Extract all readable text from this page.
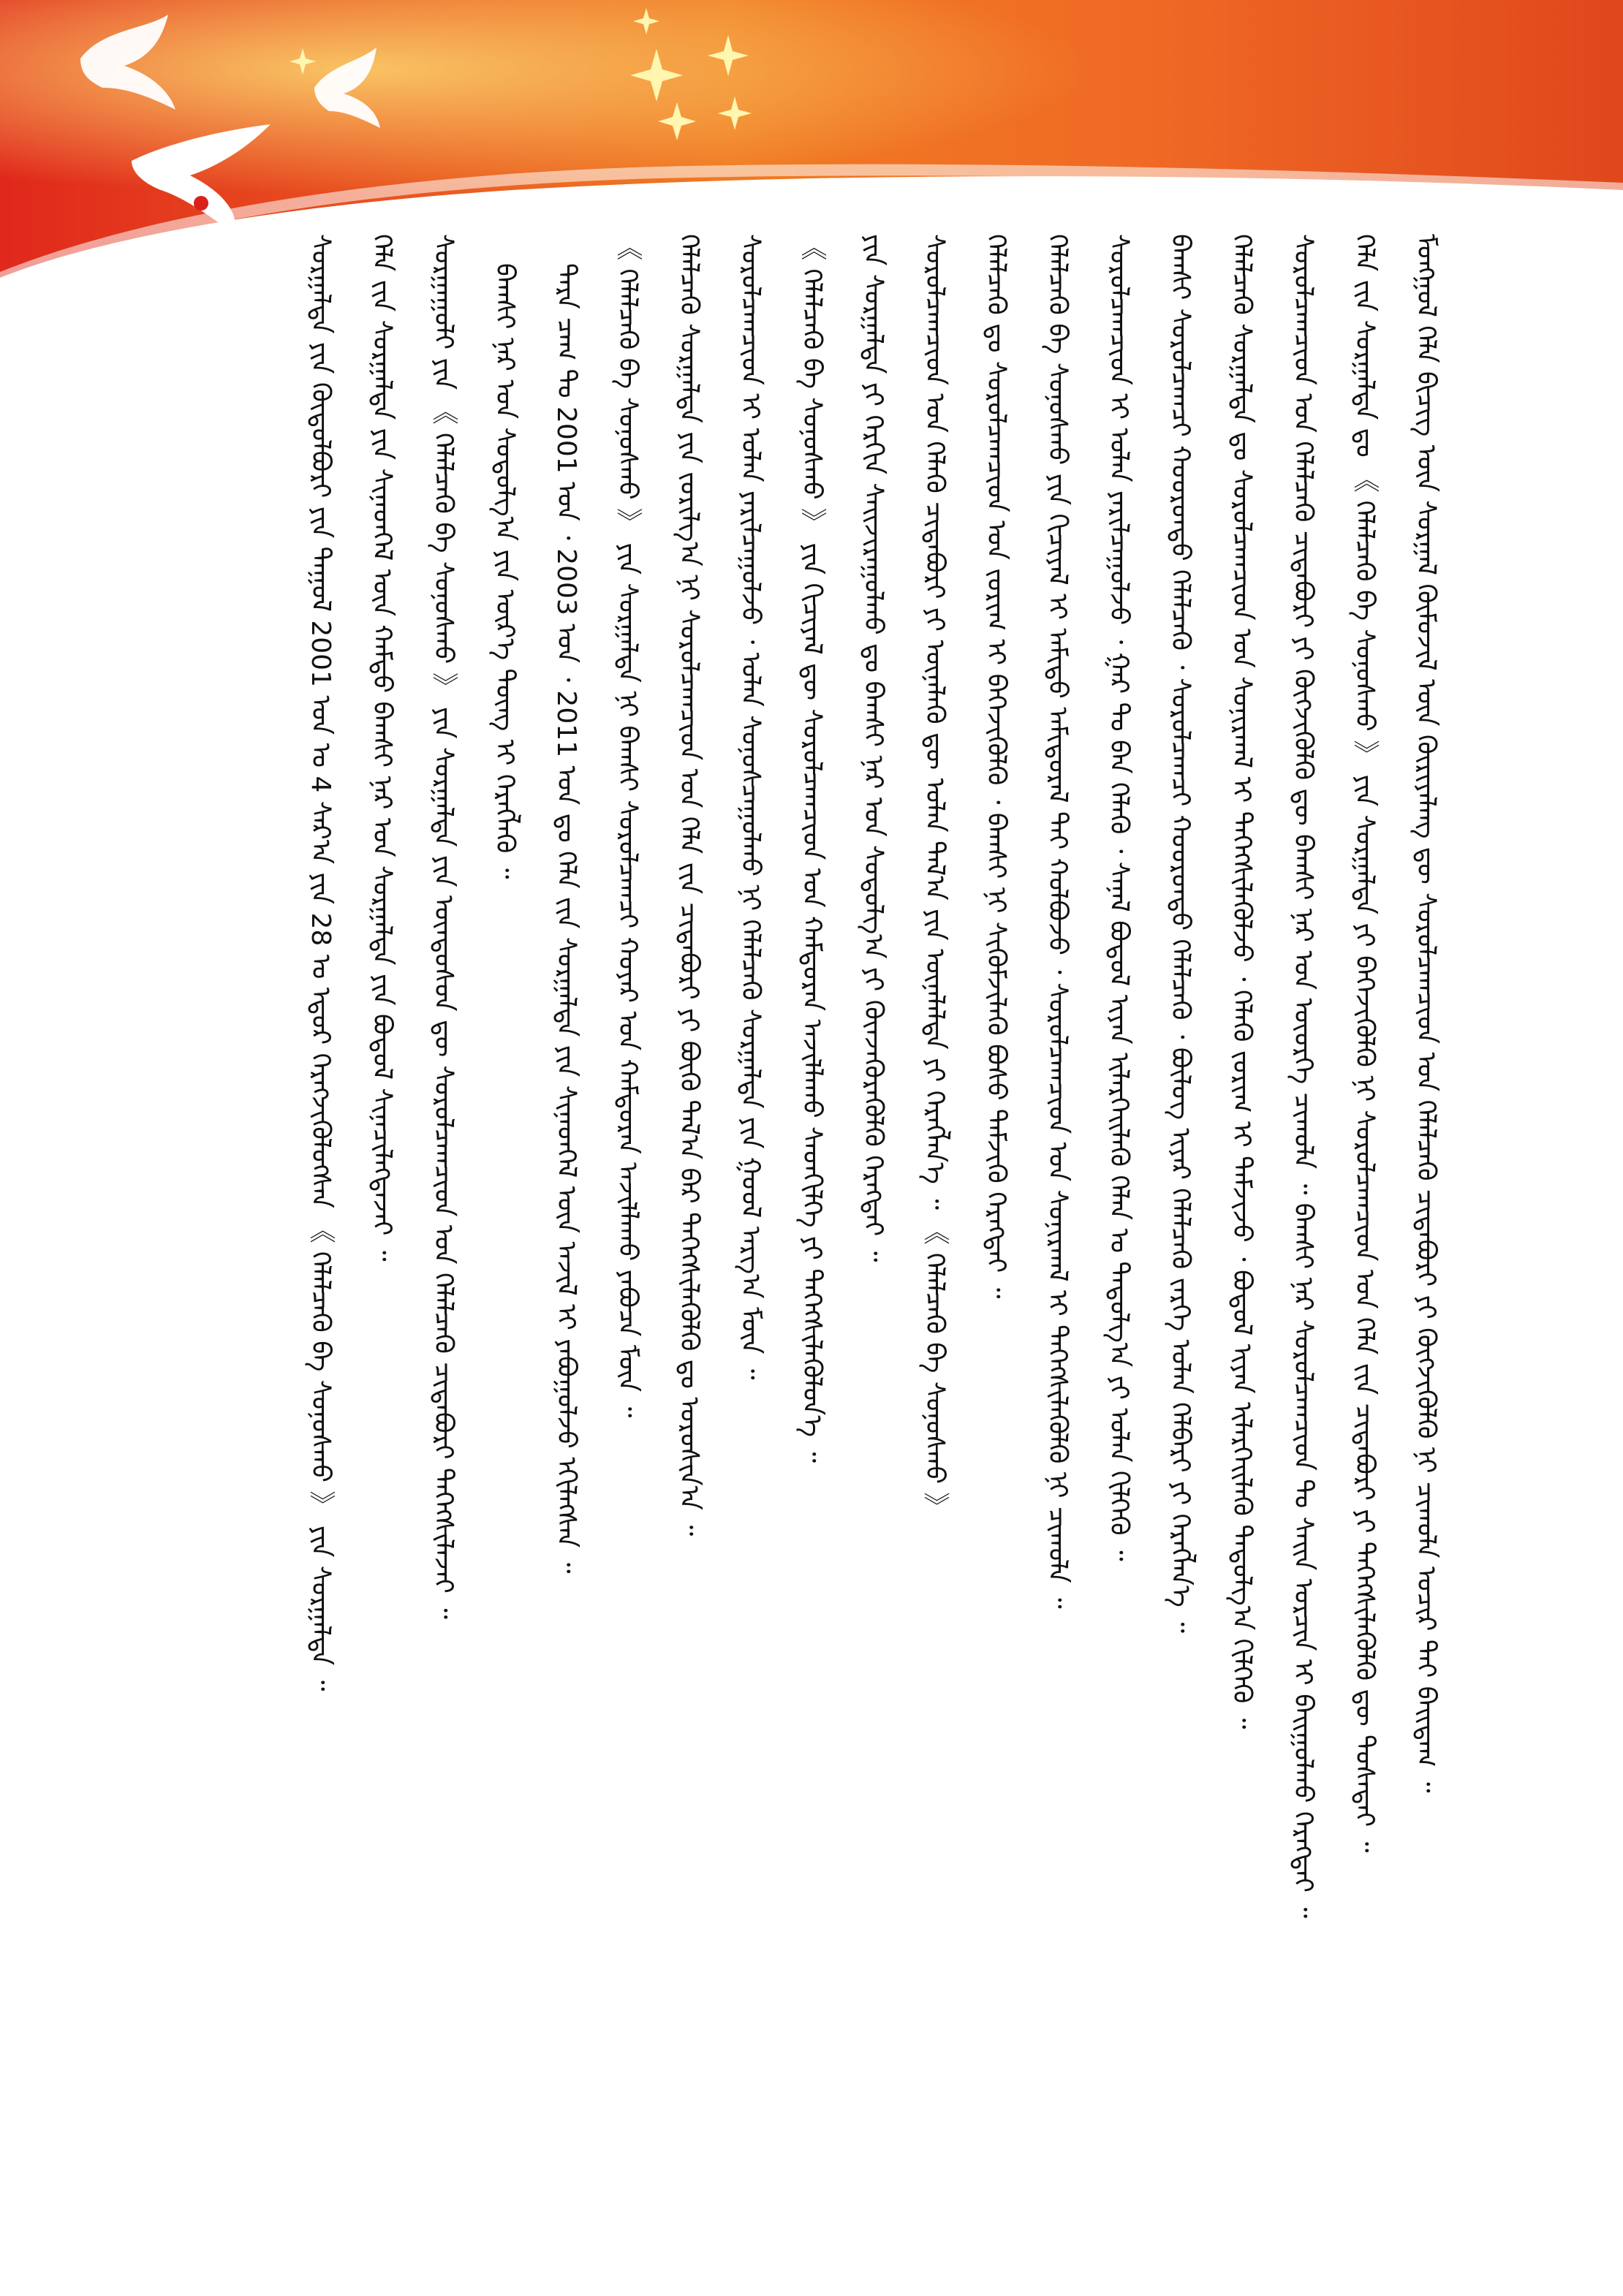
ᠮᠣᠩᠭᠣᠯ ᠬᠡᠯᠡ ᠪᠢᠴᠢᠭ ᠦᠨ ᠰᠤᠷᠭᠠᠯ ᠬᠦᠮᠦᠵᠢᠯ ᠦᠨ ᠬᠦᠷᠢᠶᠡᠯᠡᠩ ᠳᠦ ᠰᠤᠷᠤᠯᠴᠠᠭᠴᠢᠳ ᠤᠨ ᠬᠡᠯᠡᠯᠴᠡᠬᠦ ᠴᠢᠳᠠᠪᠤᠷᠢ ᠶᠢ ᠬᠥᠭᠵᠢᠭᠦᠯᠬᠦ ᠨᠢ ᠴᠢᠬᠤᠯᠠ ᠤᠴᠢᠷ ᠲᠠᠢ ᠪᠠᠢᠳᠠᠭ ᠃
ᠬᠡᠯᠡ ᠵᠢᠨ ᠰᠤᠷᠭᠠᠯᠲᠠ ᠳᠤ 《 ᠬᠡᠯᠡᠯᠴᠡᠬᠦ ᠪᠠ ᠰᠣᠨᠣᠰᠬᠤ 》 ᠶᠢᠨ ᠰᠤᠷᠭᠠᠯᠲᠠ ᠶᠢ ᠪᠡᠬᠡᠵᠢᠭᠦᠯᠬᠦ ᠨᠢ ᠰᠤᠷᠤᠯᠴᠠᠭᠴᠢᠳ ᠤᠨ ᠬᠡᠯᠡ ᠵᠢᠨ ᠴᠢᠳᠠᠪᠤᠷᠢ ᠶᠢ ᠳᠡᠭᠡᠭᠰᠢᠯᠡᠭᠦᠯᠬᠦ ᠳᠦ ᠲᠤᠰᠠᠲᠠᠢ ᠃
ᠰᠤᠷᠤᠯᠴᠠᠭᠴᠢᠳ ᠤᠨ ᠬᠡᠯᠡᠯᠴᠡᠬᠦ ᠴᠢᠳᠠᠪᠤᠷᠢ ᠶᠢ ᠬᠥᠭᠵᠢᠭᠦᠯᠬᠦ ᠳᠦ ᠪᠠᠭᠰᠢ ᠨᠠᠷ ᠤᠨ ᠦᠦᠷᠭᠡ ᠴᠢᠬᠤᠯᠠ ᠃ ᠪᠠᠭᠰᠢ ᠨᠠᠷ ᠰᠤᠷᠤᠯᠴᠠᠭᠴᠢᠳ ᠲᠤ ᠰᠠᠢᠨ ᠣᠷᠴᠢᠨ ᠢ ᠪᠠᠢᠭᠤᠯᠬᠤ ᠬᠡᠷᠡᠭᠲᠡᠢ ᠃
ᠬᠡᠯᠡᠯᠴᠡᠬᠦ ᠰᠤᠷᠭᠠᠯᠲᠠ ᠳᠤ ᠰᠤᠷᠤᠯᠴᠠᠭᠴᠢᠳ ᠤᠨ ᠰᠣᠨᠢᠷᠬᠠᠯ ᠢ ᠳᠡᠭᠡᠭᠰᠢᠯᠡᠭᠦᠯᠵᠦ ᠂ ᠬᠡᠯᠡᠬᠦ ᠵᠣᠷᠢᠭ ᠢ ᠳᠡᠮᠵᠢᠵᠦ ᠂ ᠪᠣᠳᠣᠯ ᠢᠶᠠᠨ ᠢᠯᠡᠷᠬᠡᠢᠯᠡᠬᠦ ᠳᠠᠳᠤᠯᠭ᠎ᠠ ᠬᠢᠯᠭᠡᠬᠦ ᠃
ᠪᠠᠭᠰᠢ ᠰᠤᠷᠤᠯᠴᠠᠭᠴᠢ ᠬᠣᠣᠷᠣᠨᠳᠣ ᠬᠡᠯᠡᠯᠴᠡᠬᠦ ᠂ ᠰᠤᠷᠤᠯᠴᠠᠭᠴᠢ ᠬᠣᠣᠷᠣᠨᠳᠣ ᠬᠡᠯᠡᠯᠴᠡᠬᠦ ᠂ ᠪᠦᠯᠦᠭ ᠢᠶᠡᠷ ᠬᠡᠯᠡᠯᠴᠡᠬᠦ ᠵᠡᠷᠭᠡ ᠣᠯᠠᠨ ᠬᠡᠯᠪᠡᠷᠢ ᠶᠢ ᠬᠡᠷᠡᠭᠯᠡᠨ᠎ᠡ ᠃
ᠰᠤᠷᠤᠯᠴᠠᠭᠴᠢᠳ ᠢ ᠣᠯᠠᠨ ᠶᠠᠷᠢᠯᠴᠠᠭᠤᠯᠵᠤ ᠂ ᠭᠠᠷ ᠲᠤ ᠪᠠᠨ ᠬᠡᠯᠡᠬᠦ ᠂ ᠰᠠᠨᠠᠯ ᠪᠣᠳᠣᠯ ᠢᠶᠠᠨ ᠢᠯᠡᠷᠬᠡᠢᠯᠡᠬᠦ ᠬᠡᠯᠡᠨ ᠤ ᠳᠠᠳᠤᠯᠭ᠎ᠠ ᠶᠢ ᠣᠯᠠᠨ ᠬᠢᠯᠭᠡᠬᠦ ᠃
ᠬᠡᠯᠡᠯᠴᠡᠬᠦ ᠪᠠ ᠰᠣᠨᠣᠰᠬᠤ ᠶᠢᠨ ᠬᠢᠴᠢᠶᠡᠯ ᠢ ᠠᠮᠢᠳᠤ ᠠᠮᠢᠳᠤᠷᠠᠯ ᠲᠠᠢ ᠬᠣᠯᠪᠣᠵᠤ ᠂ ᠰᠤᠷᠤᠯᠴᠠᠭᠴᠢᠳ ᠤᠨ ᠰᠣᠨᠢᠷᠬᠠᠯ ᠢ ᠳᠡᠭᠡᠭᠰᠢᠯᠡᠭᠦᠯᠬᠦ ᠨᠢ ᠴᠢᠬᠤᠯᠠ ᠃
ᠬᠡᠯᠡᠯᠴᠡᠬᠦ ᠳᠤ ᠰᠤᠷᠤᠯᠴᠠᠭᠴᠢᠳ ᠤᠨ ᠵᠣᠷᠢᠭ ᠢ ᠪᠡᠬᠡᠵᠢᠭᠦᠯᠬᠦ ᠂ ᠪᠠᠭᠰᠢ ᠨᠢ ᠰᠢᠭᠦᠮᠵᠢᠯᠡᠬᠦ ᠪᠤᠰᠤ ᠳᠡᠮᠵᠢᠬᠦ ᠬᠡᠷᠡᠭᠲᠡᠢ ᠃
ᠰᠤᠷᠤᠯᠴᠠᠭᠴᠢᠳ ᠤᠨ ᠬᠡᠯᠡᠬᠦ ᠴᠢᠳᠠᠪᠤᠷᠢ ᠶᠢ ᠦᠨᠡᠯᠡᠬᠦ ᠳᠦ ᠣᠯᠠᠨ ᠲᠠᠯ᠎ᠠ ᠶᠢᠨ ᠦᠨᠡᠯᠡᠯᠲᠡ ᠶᠢ ᠬᠡᠷᠡᠭᠯᠡᠨ᠎ᠡ ᠃ 《 ᠬᠡᠯᠡᠯᠴᠡᠬᠦ ᠪᠠ ᠰᠣᠨᠣᠰᠬᠤ 》
ᠶᠢᠨ ᠰᠤᠷᠭᠠᠯᠲᠠ ᠶᠢ ᠬᠡᠷᠬᠢᠨ ᠰᠠᠢᠵᠢᠷᠠᠭᠤᠯᠬᠤ ᠳᠤ ᠪᠠᠭᠰᠢ ᠨᠠᠷ ᠤᠨ ᠰᠤᠳᠤᠯᠭ᠎ᠠ ᠶᠢ ᠭᠦᠨᠵᠡᠭᠦᠷᠡᠭᠦᠯᠬᠦ ᠬᠡᠷᠡᠭᠲᠡᠢ ᠃
《 ᠬᠡᠯᠡᠯᠴᠡᠬᠦ ᠪᠠ ᠰᠣᠨᠣᠰᠬᠤ 》 ᠶᠢᠨ ᠬᠢᠴᠢᠶᠡᠯ ᠳᠦ ᠰᠤᠷᠤᠯᠴᠠᠭᠴᠢᠳ ᠤᠨ ᠬᠠᠮᠲᠤᠷᠠᠨ ᠠᠵᠢᠯᠯᠠᠬᠤ ᠰᠡᠳᠬᠢᠯᠭᠡ ᠶᠢ ᠳᠡᠭᠡᠭᠰᠢᠯᠡᠭᠦᠯᠦᠨ᠎ᠡ ᠃
ᠰᠤᠷᠤᠯᠴᠠᠭᠴᠢᠳ ᠢ ᠣᠯᠠᠨ ᠶᠠᠷᠢᠯᠴᠠᠭᠤᠯᠵᠤ ᠂ ᠣᠯᠠᠨ ᠰᠣᠨᠣᠰᠴᠠᠭᠤᠯᠬᠤ ᠨᠢ ᠬᠡᠯᠡᠯᠴᠡᠬᠦ ᠰᠤᠷᠭᠠᠯᠲᠠ ᠶᠢᠨ ᠭᠣᠣᠯ ᠠᠷᠭ᠎ᠠ ᠮᠥᠨ ᠃
ᠬᠡᠯᠡᠯᠴᠡᠬᠦ ᠰᠤᠷᠭᠠᠯᠲᠠ ᠶᠢᠨ ᠵᠣᠷᠢᠯᠭ᠎ᠠ ᠨᠢ ᠰᠤᠷᠤᠯᠴᠠᠭᠴᠢᠳ ᠤᠨ ᠬᠡᠯᠡ ᠵᠢᠨ ᠴᠢᠳᠠᠪᠤᠷᠢ ᠶᠢ ᠪᠦᠬᠦ ᠲᠠᠯ᠎ᠠ ᠪᠡᠷ ᠳᠡᠭᠡᠭᠰᠢᠯᠡᠭᠦᠯᠬᠦ ᠳᠤ ᠣᠷᠣᠰᠢᠨ᠎ᠠ ᠃
《 ᠬᠡᠯᠡᠯᠴᠡᠬᠦ ᠪᠠ ᠰᠣᠨᠣᠰᠬᠤ 》 ᠶᠢᠨ ᠰᠤᠷᠭᠠᠯᠲᠠ ᠨᠢ ᠪᠠᠭᠰᠢ ᠰᠤᠷᠤᠯᠴᠠᠭᠴᠢ ᠬᠣᠶᠠᠷ ᠤᠨ ᠬᠠᠮᠲᠤᠷᠠᠨ ᠠᠵᠢᠯᠯᠠᠬᠤ ᠶᠠᠪᠤᠴᠠ ᠮᠥᠨ ᠃
ᠲᠡᠷᠡ ᠴᠠᠭ ᠲᠤ 2001 ᠣᠨ ᠂ 2003 ᠣᠨ ᠂ 2011 ᠣᠨ ᠳᠤ ᠬᠡᠯᠡ ᠵᠢᠨ ᠰᠤᠷᠭᠠᠯᠲᠠ ᠶᠢᠨ ᠰᠢᠨᠡᠳᠬᠡᠯ ᠦᠨ ᠠᠵᠢᠯ ᠢ ᠶᠠᠪᠤᠭᠤᠯᠵᠤ ᠡᠬᠢᠯᠡᠭᠰᠡᠨ ᠃
ᠪᠠᠭᠰᠢ ᠨᠠᠷ ᠤᠨ ᠰᠤᠳᠤᠯᠭ᠎ᠠ ᠶᠢᠨ ᠦᠷ᠎ᠡ ᠳᠦᠩ ᠢ ᠬᠡᠷᠡᠭᠯᠡᠬᠦ ᠃
ᠰᠤᠷᠭᠠᠭᠤᠯᠢ ᠶᠢᠨ 《 ᠬᠡᠯᠡᠯᠴᠡᠬᠦ ᠪᠠ ᠰᠣᠨᠣᠰᠬᠤ 》 ᠶᠢᠨ ᠰᠤᠷᠭᠠᠯᠲᠠ ᠶᠢᠨ ᠦᠨᠳᠦᠰᠦᠨ ᠳᠦ ᠰᠤᠷᠤᠯᠴᠠᠭᠴᠢᠳ ᠤᠨ ᠬᠡᠯᠡᠯᠴᠡᠬᠦ ᠴᠢᠳᠠᠪᠤᠷᠢ ᠳᠡᠭᠡᠭᠰᠢᠯᠡᠵᠡᠢ ᠃
ᠬᠡᠯᠡ ᠵᠢᠨ ᠰᠤᠷᠭᠠᠯᠲᠠ ᠶᠢᠨ ᠰᠢᠨᠡᠳᠬᠡᠯ ᠦᠨ ᠬᠠᠮᠲᠤ ᠪᠠᠭᠰᠢ ᠨᠠᠷ ᠤᠨ ᠰᠤᠷᠭᠠᠯᠲᠠ ᠶᠢᠨ ᠪᠣᠳᠣᠯ ᠰᠢᠨᠡᠴᠢᠯᠡᠭᠳᠡᠵᠡᠢ ᠃
ᠰᠤᠷᠭᠠᠯᠲᠠ ᠶᠢᠨ ᠬᠥᠲᠦᠯᠪᠦᠷᠢ ᠶᠢᠨ ᠳᠠᠭᠤᠯ 2001 ᠣᠨ ᠤ 4 ᠰᠠᠷ᠎ᠠ ᠶᠢᠨ 28 ᠤ ᠡᠳᠦᠷ ᠬᠡᠷᠡᠭᠵᠢᠭᠦᠯᠦᠭᠰᠡᠨ 《 ᠬᠡᠯᠡᠯᠴᠡᠬᠦ ᠪᠠ ᠰᠣᠨᠣᠰᠬᠤ 》 ᠶᠢᠨ ᠰᠤᠷᠭᠠᠯᠲᠠ ᠃
